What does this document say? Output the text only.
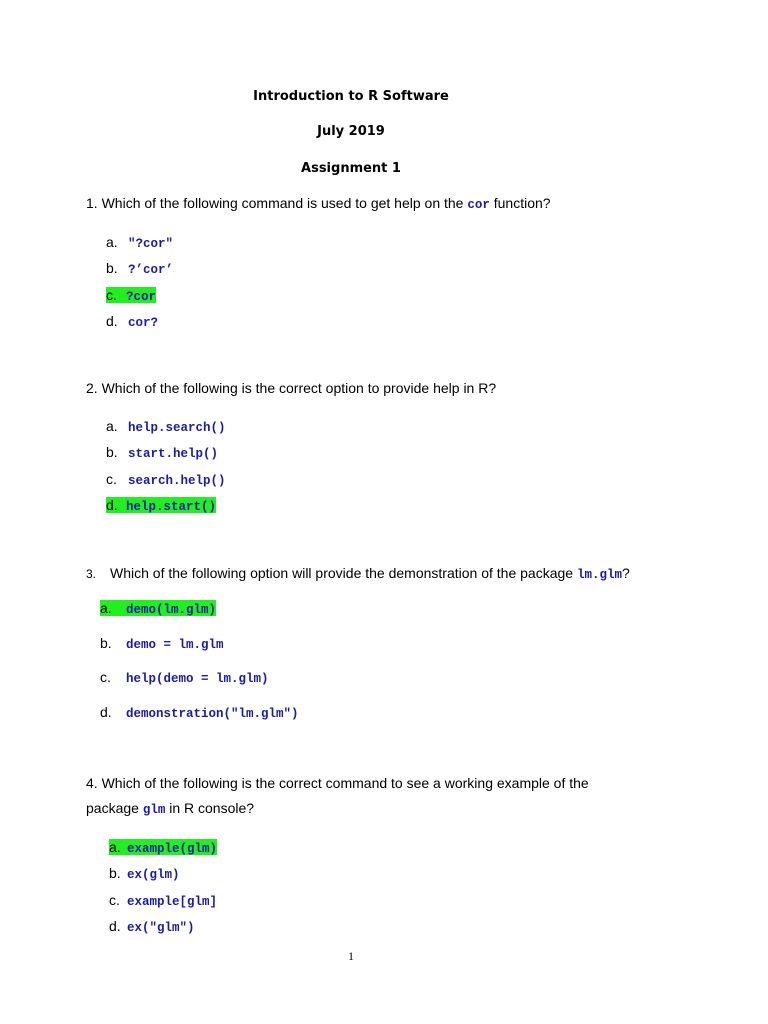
Introduction to R Software
July 2019
Assignment 1
1. Which of the following command is used to get help on the cor function?
a. "?cor"
b. ?’cor’
c. ?cor
d. cor?
2. Which of the following is the correct option to provide help in R?
a. help.search()
b. start.help()
c. search.help()
d. help.start()
3. Which of the following option will provide the demonstration of the package lm.glm?
a. demo(lm.glm)
b. demo = lm.glm
c. help(demo = lm.glm)
d. demonstration("lm.glm")
4. Which of the following is the correct command to see a working example of the
package glm in R console?
a. example(glm)
b. ex(glm)
c. example[glm]
d. ex("glm")
1
